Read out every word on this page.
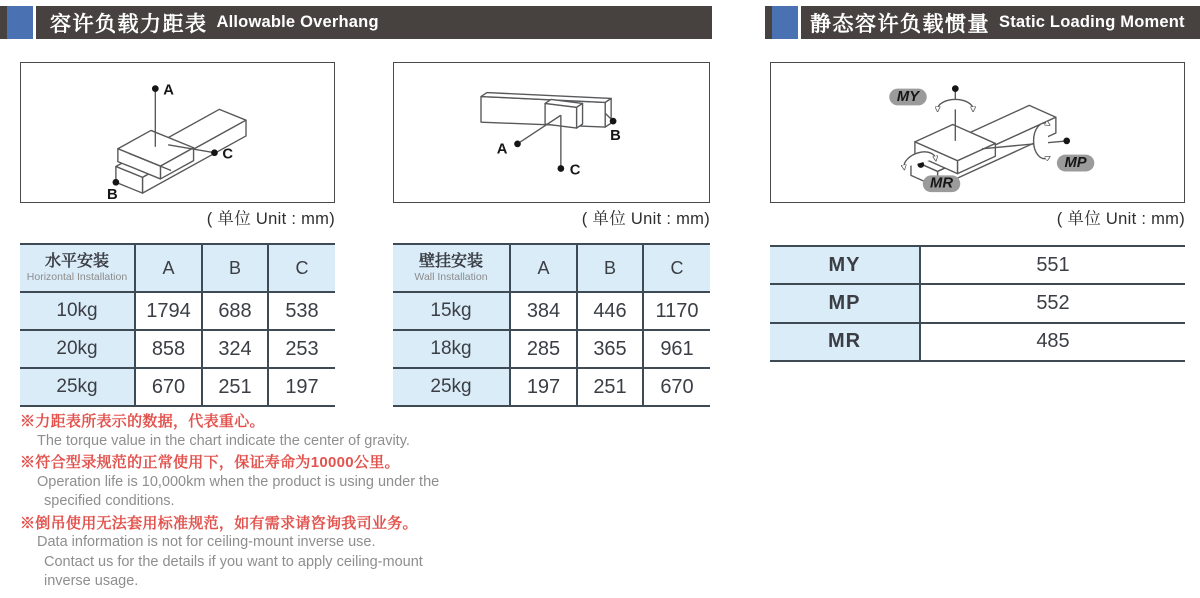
容许负载力距表 Allowable Overhang	静态容许负载惯量 Static Loading Moment
A
C
B
A
C
B
MY
MP
MR
( 单位 Unit : mm)	( 单位 Unit : mm)	( 单位 Unit : mm)
水平安装
Horizontal Installation	A	B	C
10kg	1794	688	538
20kg	858	324	253
25kg	670	251	197
壁挂安装
Wall Installation	A	B	C
15kg	384	446	1170
18kg	285	365	961
25kg	197	251	670
MY	551
MP	552
MR	485
※力距表所表示的数据，代表重心。
The torque value in the chart indicate the center of gravity.
※符合型录规范的正常使用下，保证寿命为10000公里。
Operation life is 10,000km when the product is using under the
specified conditions.
※倒吊使用无法套用标准规范，如有需求请咨询我司业务。
Data information is not for ceiling-mount inverse use.
Contact us for the details if you want to apply ceiling-mount
inverse usage.
